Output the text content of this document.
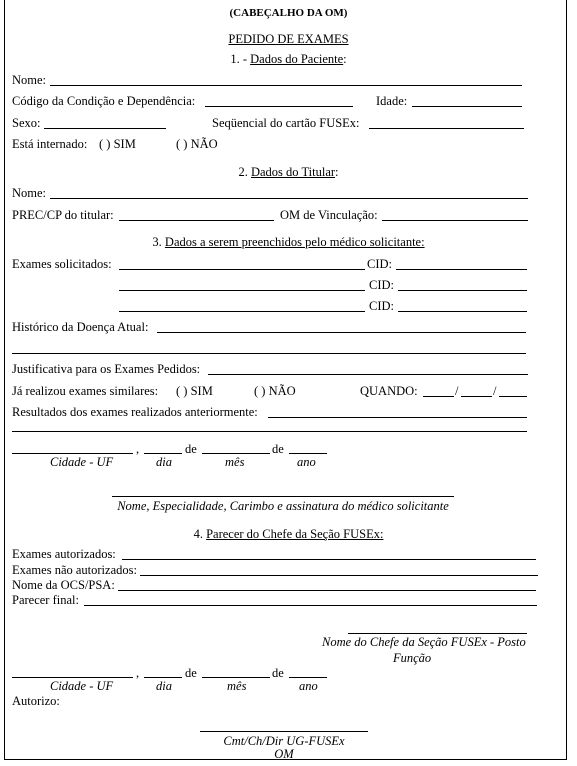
(CABEÇALHO DA OM)
PEDIDO DE EXAMES
1. - Dados do Paciente:
Nome:
Código da Condição e Dependência:	Idade:
Sexo:	Seqüencial do cartão FUSEx:
Está internado: ( ) SIM	( ) NÃO
2. Dados do Titular:
Nome:
PREC/CP do titular:	OM de Vinculação:
3. Dados a serem preenchidos pelo médico solicitante:
Exames solicitados:	CID:
CID:
CID:
Histórico da Doença Atual:
Justificativa para os Exames Pedidos:
Já realizou exames similares: ( ) SIM	( ) NÃO	QUANDO:	/	/
Resultados dos exames realizados anteriormente:
,	de	de
Cidade - UF	dia	mês	ano
Nome, Especialidade, Carimbo e assinatura do médico solicitante
4. Parecer do Chefe da Seção FUSEx:
Exames autorizados:
Exames não autorizados:
Nome da OCS/PSA:
Parecer final:
Nome do Chefe da Seção FUSEx - Posto
Função
,	de	de
Cidade - UF	dia	mês	ano
Autorizo:
Cmt/Ch/Dir UG-FUSEx
OM
